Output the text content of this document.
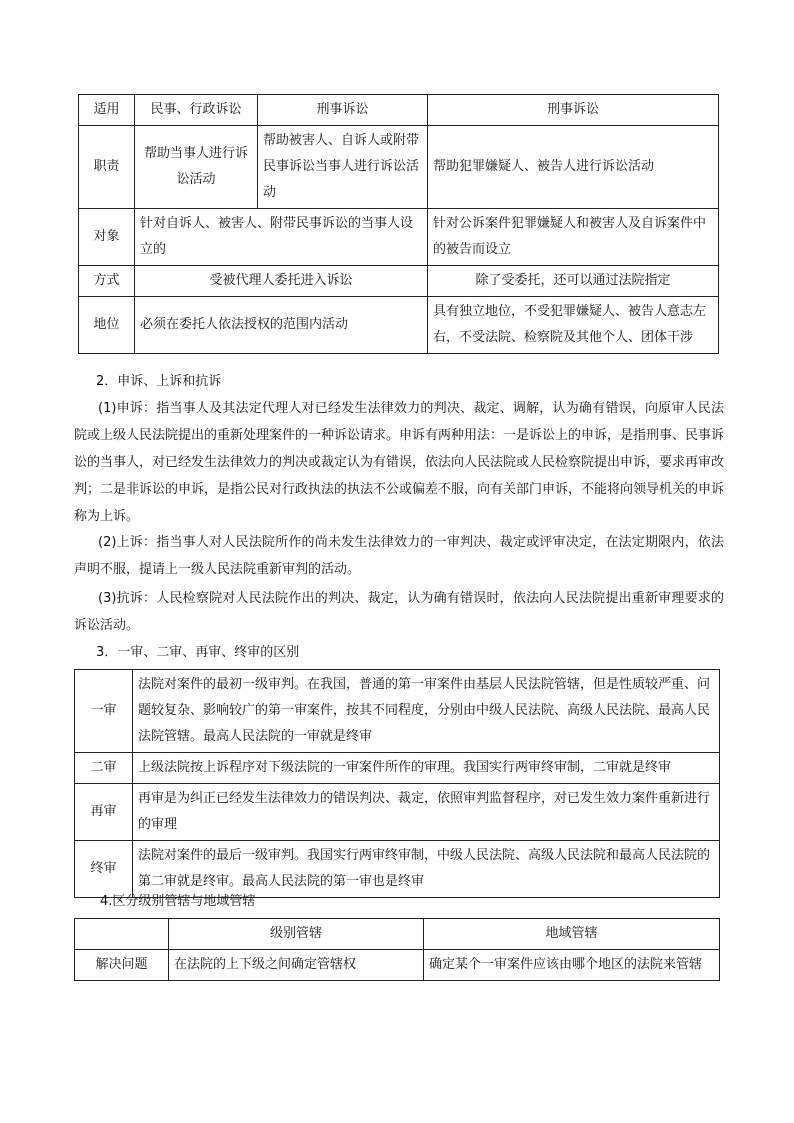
适用	民事、行政诉讼	刑事诉讼	刑事诉讼
职责	帮助当事人进行诉讼活动	帮助被害人、自诉人或附带民事诉讼当事人进行诉讼活动	帮助犯罪嫌疑人、被告人进行诉讼活动
对象	针对自诉人、被害人、附带民事诉讼的当事人设立的		针对公诉案件犯罪嫌疑人和被害人及自诉案件中的被告而设立
方式	受被代理人委托进入诉讼		除了受委托，还可以通过法院指定
地位	必须在委托人依法授权的范围内活动		具有独立地位，不受犯罪嫌疑人、被告人意志左右，不受法院、检察院及其他个人、团体干涉
2．申诉、上诉和抗诉
(1)申诉：指当事人及其法定代理人对已经发生法律效力的判决、裁定、调解，认为确有错误，向原审人民法院或上级人民法院提出的重新处理案件的一种诉讼请求。申诉有两种用法：一是诉讼上的申诉，是指刑事、民事诉讼的当事人，对已经发生法律效力的判决或裁定认为有错误，依法向人民法院或人民检察院提出申诉，要求再审改判；二是非诉讼的申诉，是指公民对行政执法的执法不公或偏差不服，向有关部门申诉，不能将向领导机关的申诉称为上诉。
(2)上诉：指当事人对人民法院所作的尚未发生法律效力的一审判决、裁定或评审决定，在法定期限内，依法声明不服，提请上一级人民法院重新审判的活动。
(3)抗诉：人民检察院对人民法院作出的判决、裁定，认为确有错误时，依法向人民法院提出重新审理要求的诉讼活动。
3．一审、二审、再审、终审的区别
一审	法院对案件的最初一级审判。在我国，普通的第一审案件由基层人民法院管辖，但是性质较严重、问题较复杂、影响较广的第一审案件，按其不同程度，分别由中级人民法院、高级人民法院、最高人民法院管辖。最高人民法院的一审就是终审
二审	上级法院按上诉程序对下级法院的一审案件所作的审理。我国实行两审终审制，二审就是终审
再审	再审是为纠正已经发生法律效力的错误判决、裁定，依照审判监督程序，对已发生效力案件重新进行的审理
终审	法院对案件的最后一级审判。我国实行两审终审制，中级人民法院、高级人民法院和最高人民法院的第二审就是终审。最高人民法院的第一审也是终审
4.区分级别管辖与地域管辖
	级别管辖	地域管辖
解决问题	在法院的上下级之间确定管辖权	确定某个一审案件应该由哪个地区的法院来管辖
